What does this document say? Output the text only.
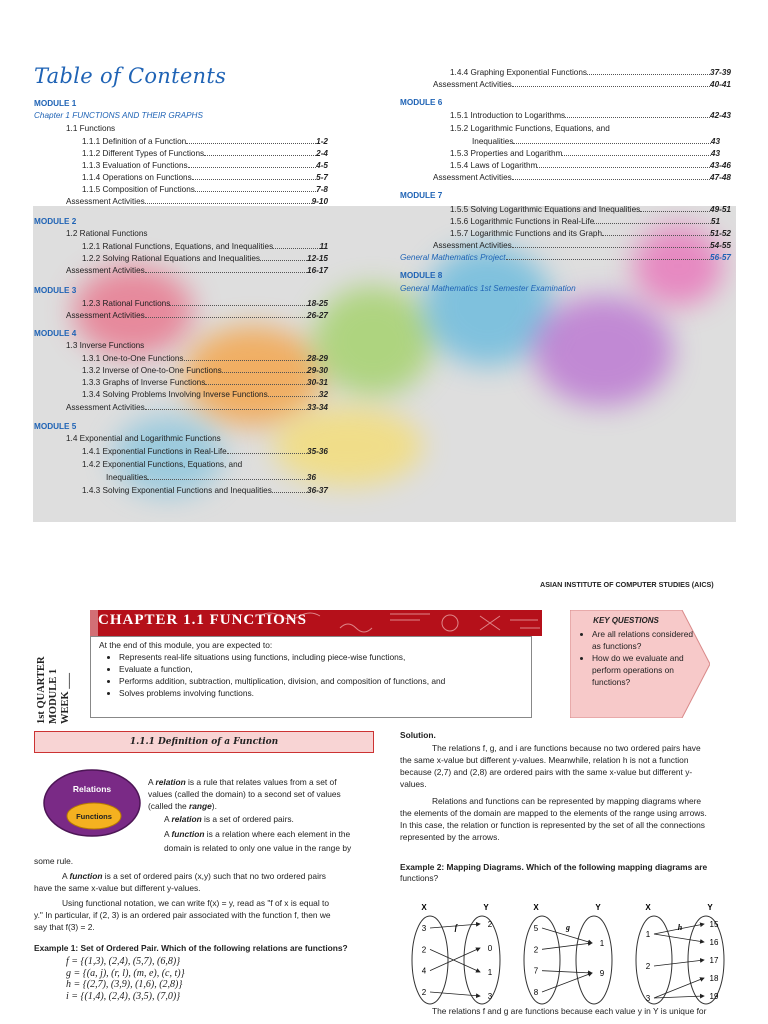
Table of Contents
MODULE 1
Chapter 1 FUNCTIONS AND THEIR GRAPHS
1.1 Functions
1.1.1 Definition of a Function	1-2
1.1.2 Different Types of Functions	2-4
1.1.3 Evaluation of Functions	4-5
1.1.4 Operations on Functions	5-7
1.1.5 Composition of Functions	7-8
Assessment Activities	9-10
MODULE 2
1.2 Rational Functions
1.2.1 Rational Functions, Equations, and Inequalities	11
1.2.2 Solving Rational Equations and Inequalities	12-15
Assessment Activities	16-17
MODULE 3
1.2.3 Rational Functions	18-25
Assessment Activities	26-27
MODULE 4
1.3 Inverse Functions
1.3.1 One-to-One Functions	28-29
1.3.2 Inverse of One-to-One Functions	29-30
1.3.3 Graphs of Inverse Functions	30-31
1.3.4 Solving Problems Involving Inverse Functions	32
Assessment Activities	33-34
MODULE 5
1.4 Exponential and Logarithmic Functions
1.4.1 Exponential Functions in Real-Life	35-36
1.4.2 Exponential Functions, Equations, and
Inequalities	36
1.4.3 Solving Exponential Functions and Inequalities	36-37
1.4.4 Graphing Exponential Functions	37-39
Assessment Activities	40-41
MODULE 6
1.5.1 Introduction to Logarithms	42-43
1.5.2 Logarithmic Functions, Equations, and
Inequalities	43
1.5.3 Properties and Logarithm	43
1.5.4 Laws of Logarithm	43-46
Assessment Activities	47-48
MODULE 7
1.5.5 Solving Logarithmic Equations and Inequalities	49-51
1.5.6 Logarithmic Functions in Real-Life	51
1.5.7 Logarithmic Functions and its Graph	51-52
Assessment Activities	54-55
General Mathematics Project	56-57
MODULE 8
General Mathematics 1st Semester Examination
ASIAN INSTITUTE OF COMPUTER STUDIES (AICS)
1st QUARTER MODULE 1 WEEK ___
CHAPTER 1.1 FUNCTIONS
At the end of this module, you are expected to:
• Represents real-life situations using functions, including piece-wise functions,
• Evaluate a function,
• Performs addition, subtraction, multiplication, division, and composition of functions, and
• Solves problems involving functions.
KEY QUESTIONS
• Are all relations considered as functions?
• How do we evaluate and perform operations on functions?
1.1.1 Definition of a Function
Relations
Functions
A relation is a rule that relates values from a set of
values (called the domain) to a second set of values
(called the range).
A relation is a set of ordered pairs.
A function is a relation where each element in the
domain is related to only one value in the range by
some rule.
A function is a set of ordered pairs (x,y) such that no two ordered pairs
have the same x-value but different y-values.
Using functional notation, we can write f(x) = y, read as "f of x is equal to
y." In particular, if (2, 3) is an ordered pair associated with the function f, then we
say that f(3) = 2.
Example 1: Set of Ordered Pair. Which of the following relations are functions?
f = {(1,3), (2,4), (5,7), (6,8)}
g = {(a, j), (r, l), (m, e), (c, t)}
h = {(2,7), (3,9), (1,6), (2,8)}
i = {(1,4), (2,4), (3,5), (7,0)}
Solution.
The relations f, g, and i are functions because no two ordered pairs have
the same x-value but different y-values. Meanwhile, relation h is not a function
because (2,7) and (2,8) are ordered pairs with the same x-value but different y-
values.
Relations and functions can be represented by mapping diagrams where
the elements of the domain are mapped to the elements of the range using arrows.
In this case, the relation or function is represented by the set of all the connections
represented by the arrows.
Example 2: Mapping Diagrams. Which of the following mapping diagrams are
functions?
X	Y
3
2
4
2
2
0
1
3
f
X	Y
5
2
7
8
1
9
g
X	Y
1
2
3
15
16
17
18
19
h
The relations f and g are functions because each value y in Y is unique for
